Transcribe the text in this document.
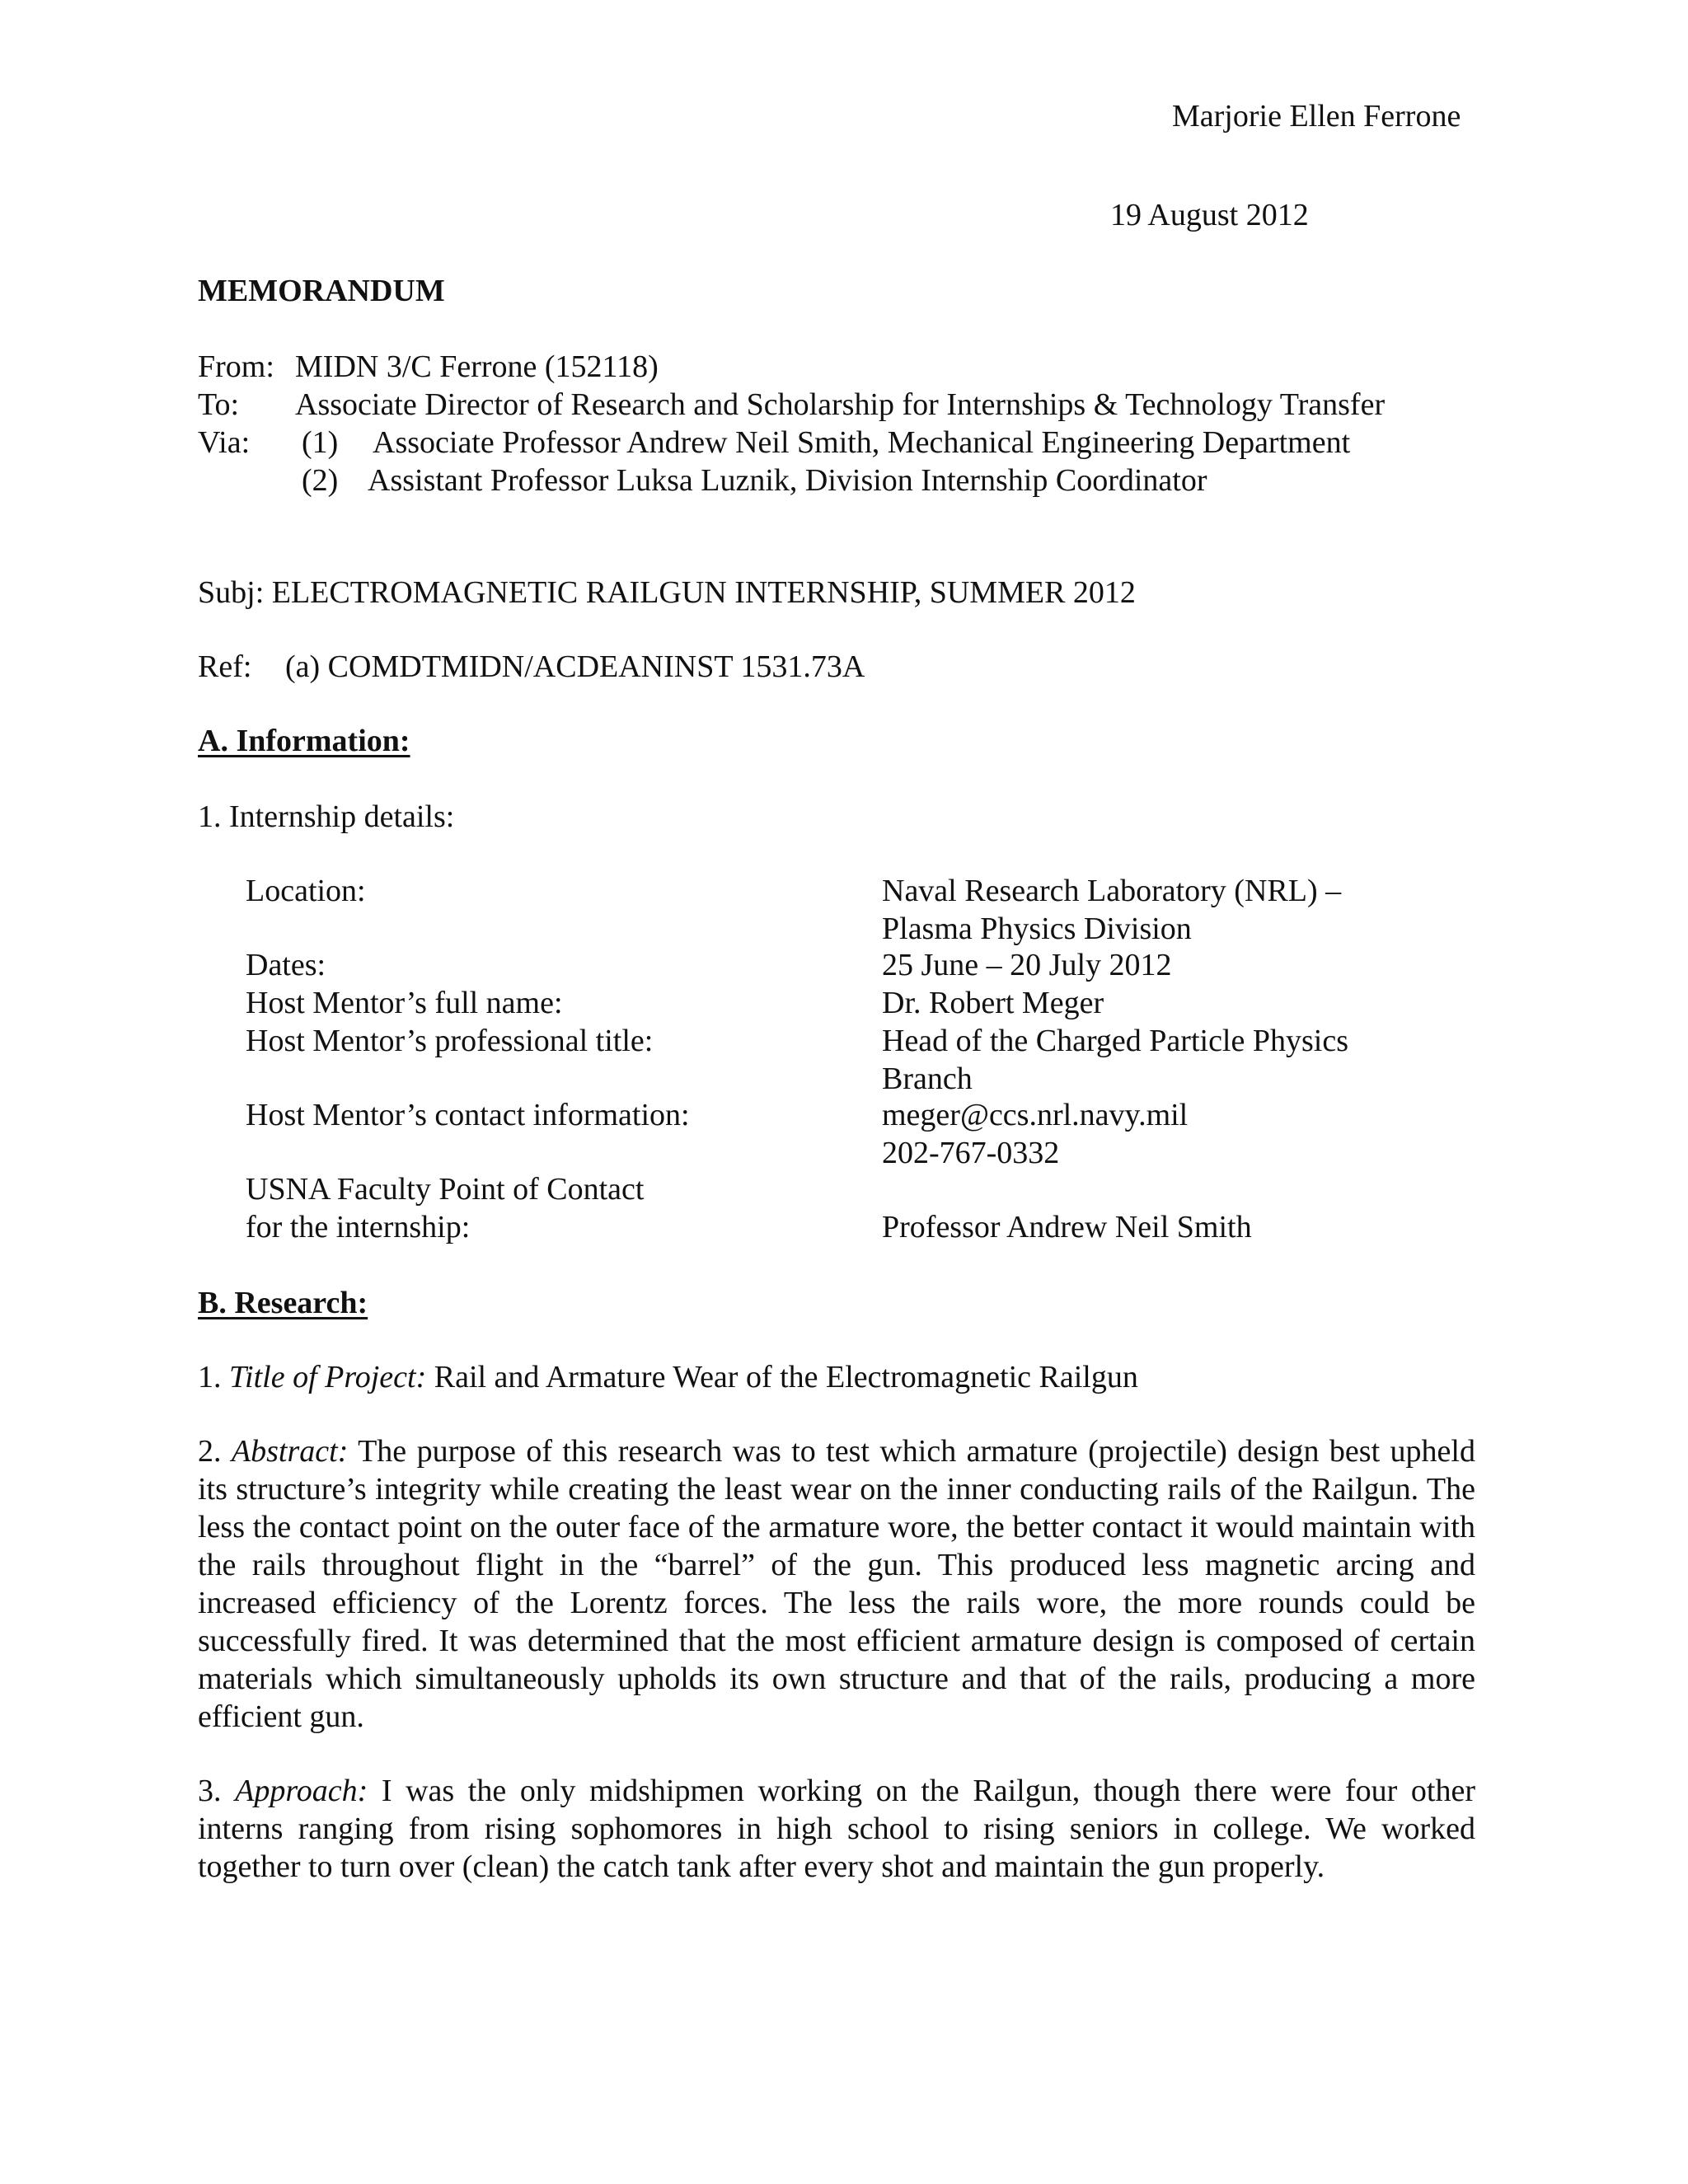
Marjorie Ellen Ferrone
19 August 2012
MEMORANDUM
From: MIDN 3/C Ferrone (152118)
To: Associate Director of Research and Scholarship for Internships & Technology Transfer
Via: (1) Associate Professor Andrew Neil Smith, Mechanical Engineering Department
(2) Assistant Professor Luksa Luznik, Division Internship Coordinator
Subj: ELECTROMAGNETIC RAILGUN INTERNSHIP, SUMMER 2012
Ref: (a) COMDTMIDN/ACDEANINST 1531.73A
A. Information:
1. Internship details:
Location:	Naval Research Laboratory (NRL) –
Plasma Physics Division
Dates:	25 June – 20 July 2012
Host Mentor’s full name:	Dr. Robert Meger
Host Mentor’s professional title:	Head of the Charged Particle Physics
Branch
Host Mentor’s contact information:	meger@ccs.nrl.navy.mil
202-767-0332
USNA Faculty Point of Contact
for the internship:	Professor Andrew Neil Smith
B. Research:
1. Title of Project: Rail and Armature Wear of the Electromagnetic Railgun
2. Abstract: The purpose of this research was to test which armature (projectile) design best upheld its structure’s integrity while creating the least wear on the inner conducting rails of the Railgun. The less the contact point on the outer face of the armature wore, the better contact it would maintain with the rails throughout flight in the “barrel” of the gun. This produced less magnetic arcing and increased efficiency of the Lorentz forces. The less the rails wore, the more rounds could be successfully fired. It was determined that the most efficient armature design is composed of certain materials which simultaneously upholds its own structure and that of the rails, producing a more efficient gun.
3. Approach: I was the only midshipmen working on the Railgun, though there were four other interns ranging from rising sophomores in high school to rising seniors in college. We worked together to turn over (clean) the catch tank after every shot and maintain the gun properly.
